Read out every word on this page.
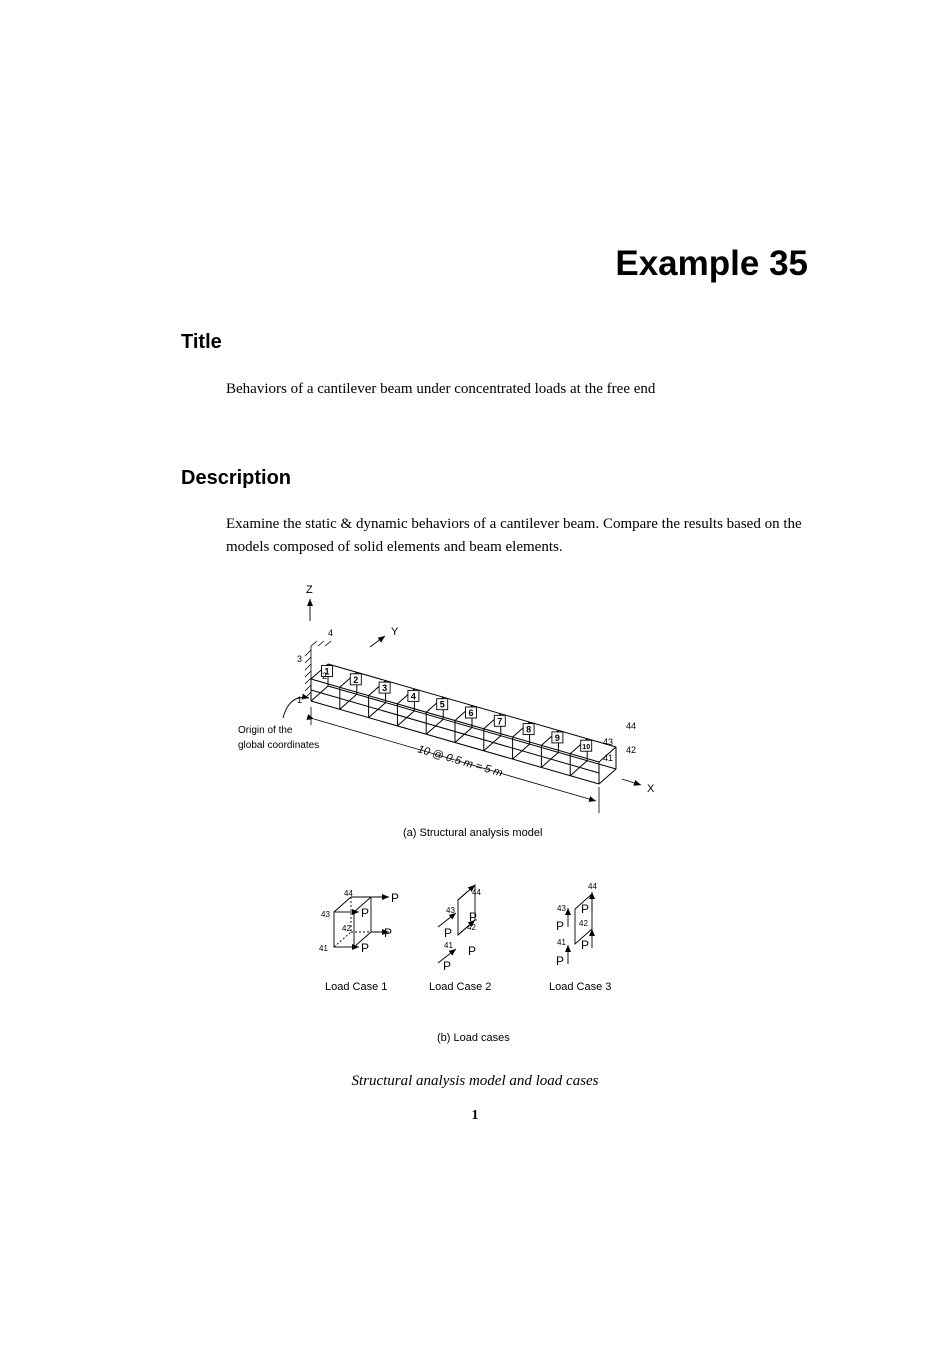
Example 35
Title

Behaviors of a cantilever beam under concentrated loads at the free end

Description

Examine the static & dynamic behaviors of a cantilever beam. Compare the results based on the models composed of solid elements and beam elements.

1
2
3
4
5
6
7
8
9
10
3
4
2
1
44
43
42
41
Z
Y
X
Origin of the
global coordinates	10 @ 0.5 m = 5 m
(a) Structural analysis model
44
43
42
41
P
P
P
P
Load Case 1
44
43
42
41
P
P
P
P
Load Case 2
44
43
42
41
P
P
P
P
Load Case 3
(b) Load cases
Structural analysis model and load cases
1
